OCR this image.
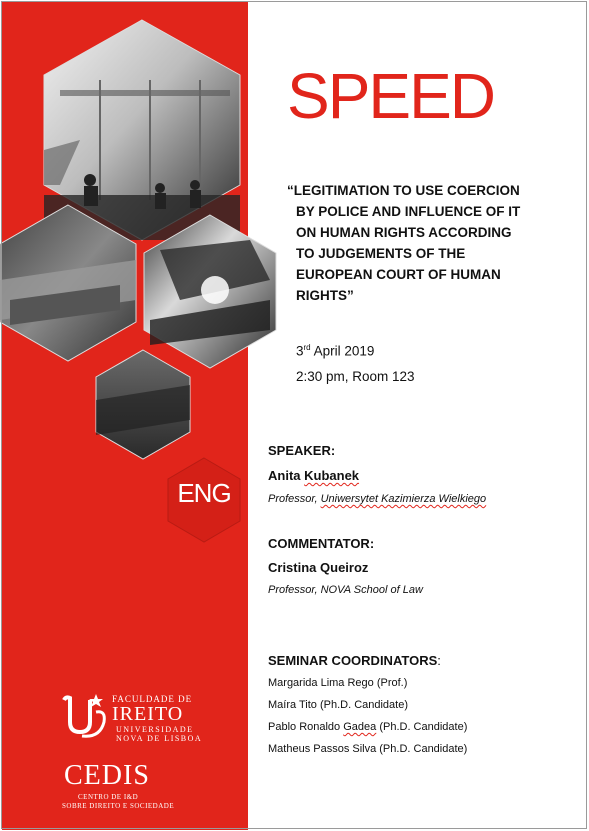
ENG
SPEED

“LEGITIMATION TO USE COERCION
BY POLICE AND INFLUENCE OF IT
ON HUMAN RIGHTS ACCORDING
TO JUDGEMENTS OF THE
EUROPEAN COURT OF HUMAN
RIGHTS”

3rd April 2019
2:30 pm, Room 123
SPEAKER:
Anita Kubanek
Professor, Uniwersytet Kazimierza Wielkiego
COMMENTATOR:
Cristina Queiroz
Professor, NOVA School of Law
SEMINAR COORDINATORS:
Margarida Lima Rego (Prof.)
Maíra Tito (Ph.D. Candidate)
Pablo Ronaldo Gadea (Ph.D. Candidate)
Matheus Passos Silva (Ph.D. Candidate)
FACULDADE DE
IREITO
UNIVERSIDADE
NOVA DE LISBOA
CEDIS
CENTRO DE I&D
SOBRE DIREITO E SOCIEDADE
